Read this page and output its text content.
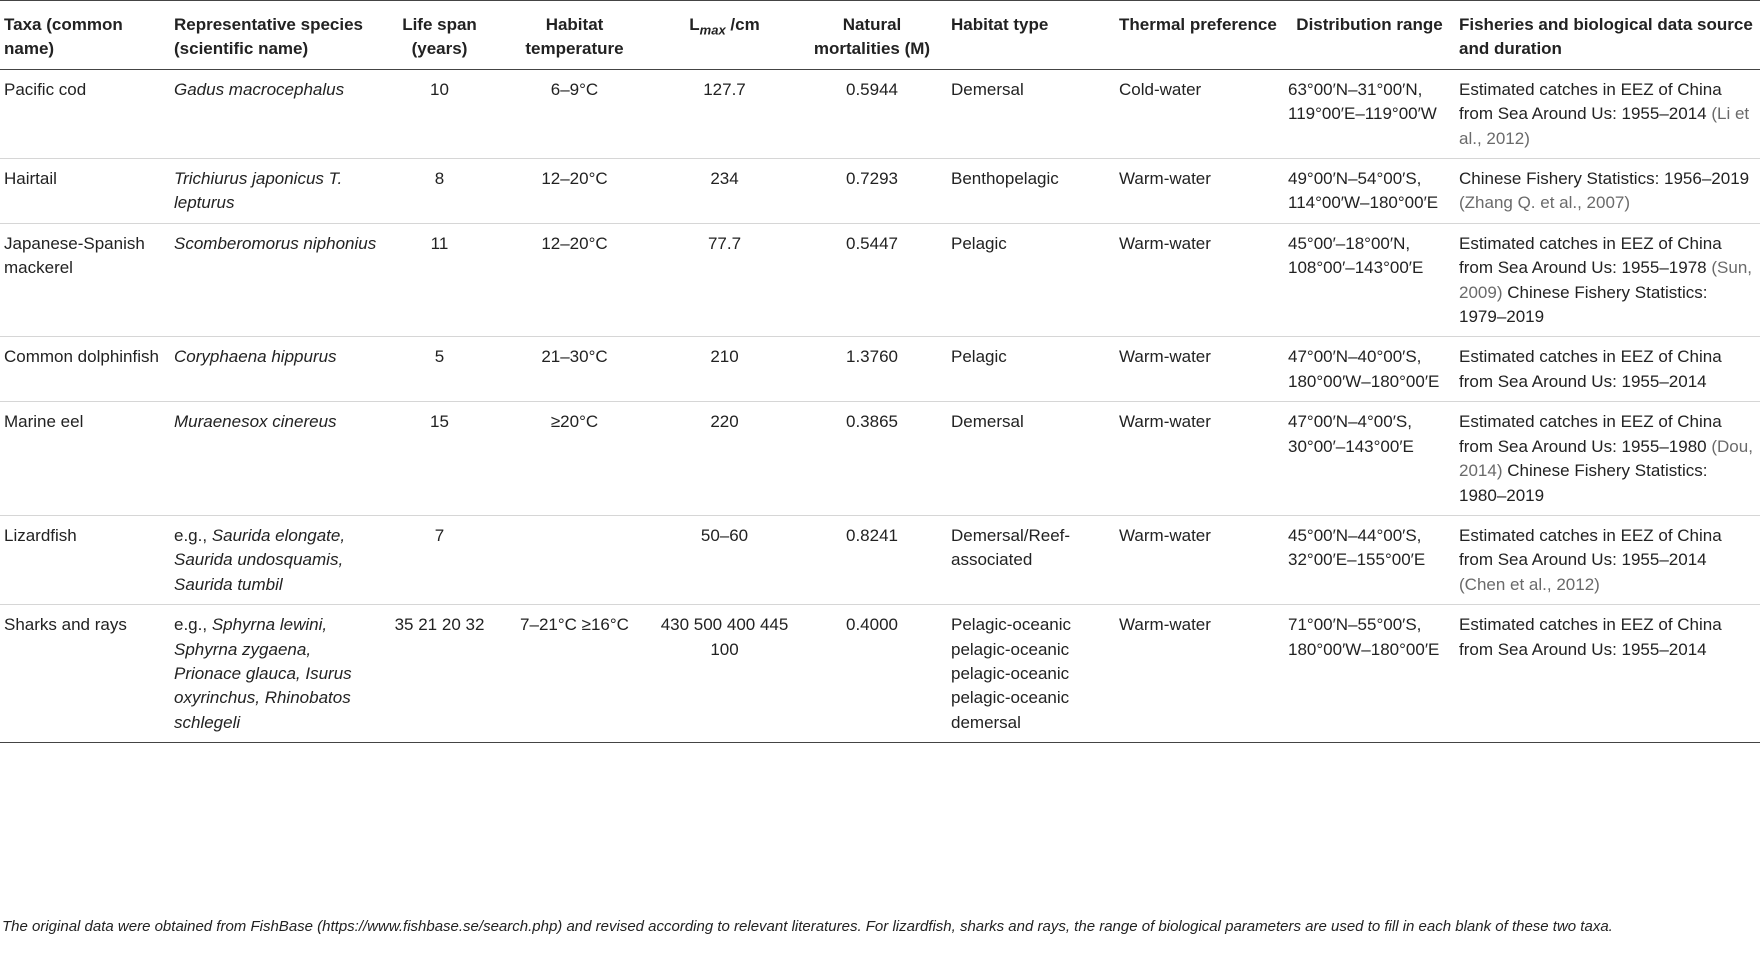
Taxa (common name)	Representative species (scientific name)	Life span (years)	Habitat temperature	$L_{max}$ /cm	Natural mortalities (M)	Habitat type	Thermal preference	Distribution range	Fisheries and biological data source and duration
Pacific cod	Gadus macrocephalus	10	6–9°C	127.7	0.5944	Demersal	Cold-water	63°00′N–31°00′N, 119°00′E–119°00′W	Estimated catches in EEZ of China from Sea Around Us: 1955–2014 (Li et al., 2012)
Hairtail	Trichiurus japonicus T. lepturus	8	12–20°C	234	0.7293	Benthopelagic	Warm-water	49°00′N–54°00′S, 114°00′W–180°00′E	Chinese Fishery Statistics: 1956–2019 (Zhang Q. et al., 2007)
Japanese-Spanish mackerel	Scomberomorus niphonius	11	12–20°C	77.7	0.5447	Pelagic	Warm-water	45°00′–18°00′N, 108°00′–143°00′E	Estimated catches in EEZ of China from Sea Around Us: 1955–1978 (Sun, 2009) Chinese Fishery Statistics: 1979–2019
Common dolphinfish	Coryphaena hippurus	5	21–30°C	210	1.3760	Pelagic	Warm-water	47°00′N–40°00′S, 180°00′W–180°00′E	Estimated catches in EEZ of China from Sea Around Us: 1955–2014
Marine eel	Muraenesox cinereus	15	≥20°C	220	0.3865	Demersal	Warm-water	47°00′N–4°00′S, 30°00′–143°00′E	Estimated catches in EEZ of China from Sea Around Us: 1955–1980 (Dou, 2014) Chinese Fishery Statistics: 1980–2019
Lizardfish	e.g., Saurida elongate, Saurida undosquamis, Saurida tumbil	7		50–60	0.8241	Demersal/Reef-associated	Warm-water	45°00′N–44°00′S, 32°00′E–155°00′E	Estimated catches in EEZ of China from Sea Around Us: 1955–2014 (Chen et al., 2012)
Sharks and rays	e.g., Sphyrna lewini, Sphyrna zygaena, Prionace glauca, Isurus oxyrinchus, Rhinobatos schlegeli	35 21 20 32	7–21°C ≥16°C	430 500 400 445 100	0.4000	Pelagic-oceanic pelagic-oceanic pelagic-oceanic pelagic-oceanic demersal	Warm-water	71°00′N–55°00′S, 180°00′W–180°00′E	Estimated catches in EEZ of China from Sea Around Us: 1955–2014
The original data were obtained from FishBase (https://www.fishbase.se/search.php) and revised according to relevant literatures. For lizardfish, sharks and rays, the range of biological parameters are used to fill in each blank of these two taxa.
